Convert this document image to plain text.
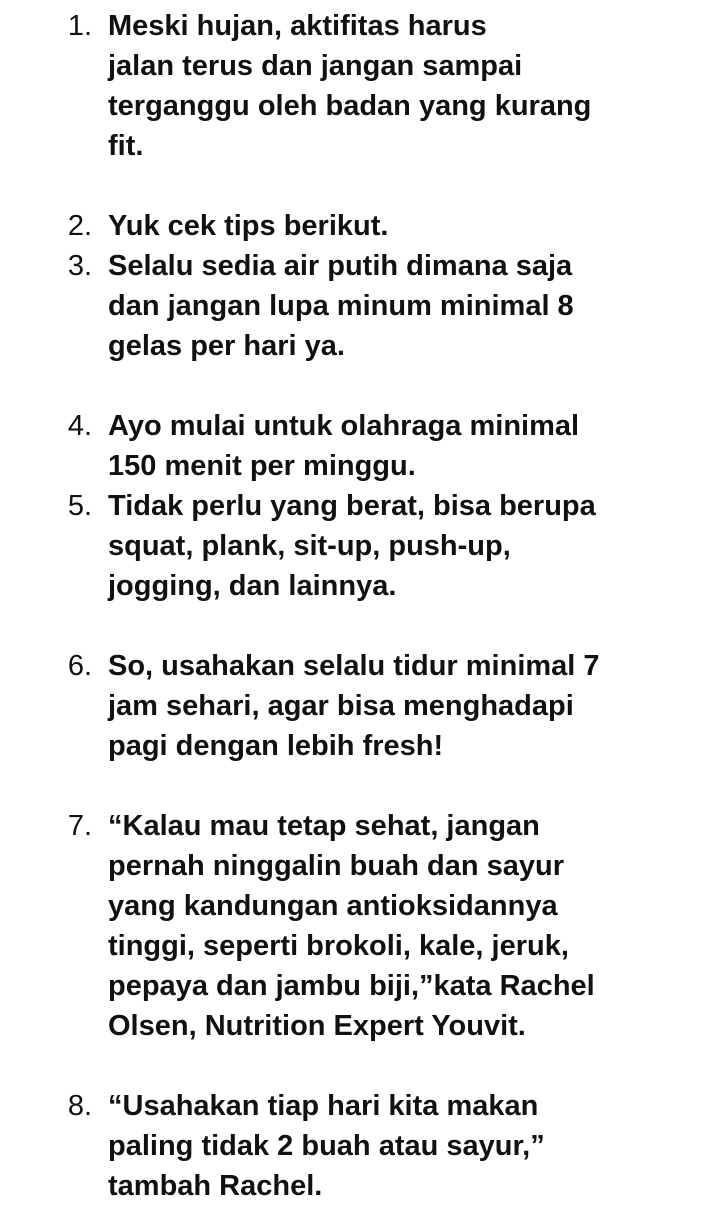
1. Meski hujan, aktifitas harus
jalan terus dan jangan sampai
terganggu oleh badan yang kurang
fit.
2. Yuk cek tips berikut.
3. Selalu sedia air putih dimana saja
dan jangan lupa minum minimal 8
gelas per hari ya.
4. Ayo mulai untuk olahraga minimal
150 menit per minggu.
5. Tidak perlu yang berat, bisa berupa
squat, plank, sit-up, push-up,
jogging, dan lainnya.
6. So, usahakan selalu tidur minimal 7
jam sehari, agar bisa menghadapi
pagi dengan lebih fresh!
7. “Kalau mau tetap sehat, jangan
pernah ninggalin buah dan sayur
yang kandungan antioksidannya
tinggi, seperti brokoli, kale, jeruk,
pepaya dan jambu biji,”kata Rachel
Olsen, Nutrition Expert Youvit.
8. “Usahakan tiap hari kita makan
paling tidak 2 buah atau sayur,”
tambah Rachel.
